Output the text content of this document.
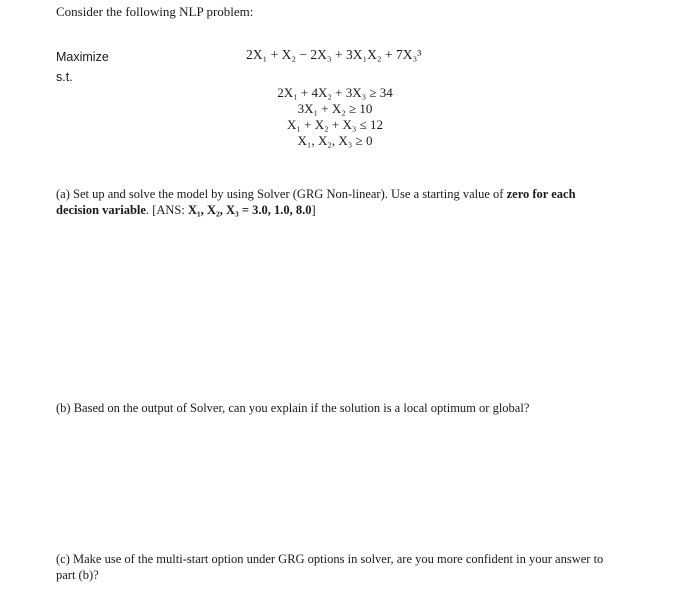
Consider the following NLP problem:
Maximize	2X₁ + X₂ − 2X₃ + 3X₁X₂ + 7X₃³
s.t.
2X₁ + 4X₂ + 3X₃ ≥ 34
3X₁ + X₂ ≥ 10
X₁ + X₂ + X₃ ≤ 12
X₁, X₂, X₃ ≥ 0
(a) Set up and solve the model by using Solver (GRG Non-linear). Use a starting value of zero for each decision variable. [ANS: X₁, X₂, X₃ = 3.0, 1.0, 8.0]
(b) Based on the output of Solver, can you explain if the solution is a local optimum or global?
(c) Make use of the multi-start option under GRG options in solver, are you more confident in your answer to part (b)?
